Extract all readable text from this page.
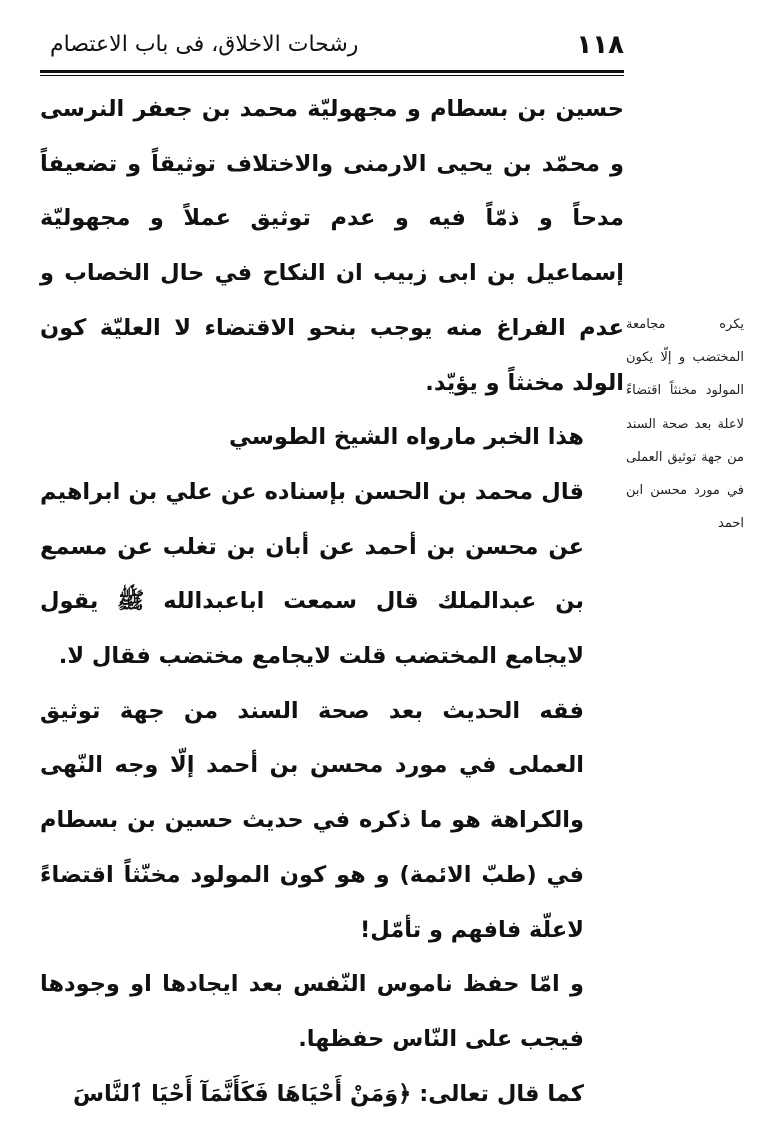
١١٨
رشحات الاخلاق، فى باب الاعتصام

حسين بن بسطام و مجهوليّة محمد بن جعفر النرسى و محمّد بن يحيى الارمنى والاختلاف توثيقاً و تضعيفاً مدحاً و ذمّاً فيه و عدم توثيق عملاً و مجهوليّة إسماعيل بن ابى زبيب ان النكاح في حال الخصاب و عدم الفراغ منه يوجب بنحو الاقتضاء لا العليّة كون الولد مخنثاً و يؤيّد.

هذا الخبر ماروا‌ه الشيخ الطوسي

قال محمد بن الحسن بإسناده عن علي بن ابراهيم عن محسن بن أحمد عن أبان بن تغلب عن مسمع بن عبدالملك قال سمعت اباعبدالله ﷺ يقول لايجامع المختضب قلت لايجامع مختضب فقال لا.

فقه الحديث بعد صحة السند من جهة توثيق العملى في مورد محسن بن أحمد إلّا وجه النّهى والكراهة هو ما ذكره في حديث حسين بن بسطام في (طبّ الائمة) و هو كون المولود مخنّثاً اقتضاءً لاعلّة فافهم و تأمّل!

و امّا حفظ ناموس النّفس بعد ايجادها او وجودها فيجب على النّاس حفظها.

كما قال تعالى: ﴿وَمَنْ أَحْيَاهَا فَكَأَنَّمَآ أَحْيَا ٱلنَّاسَ

يكره مجامعة المختضب و إلّا يكون المولود مخنثاً اقتضاءً لاعلة بعد صحة السند من جهة توثيق العملى في مورد محسن ابن احمد
